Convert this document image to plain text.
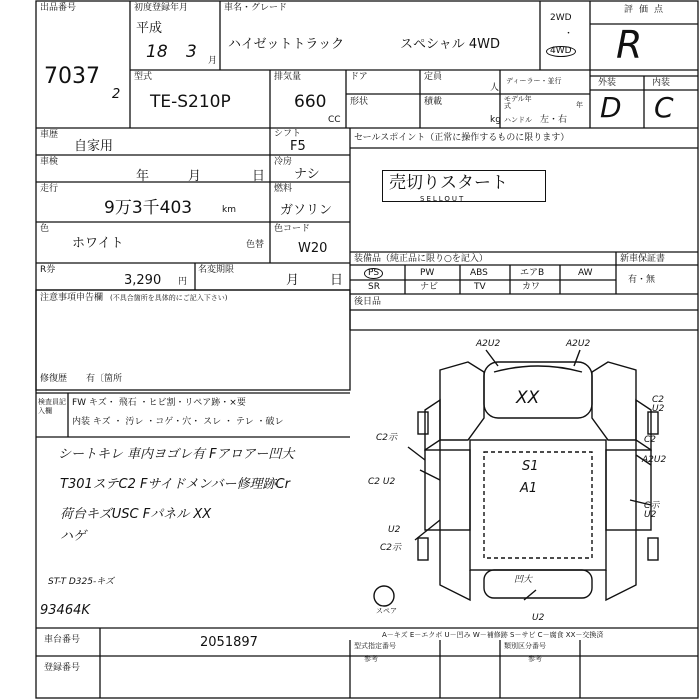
出品番号
7037
2
初度登録年月
平成
18 3 月
車名・グレード
ハイゼットトラック	スペシャル 4WD
2WD
・
4WD
評価点
R
外装	内装
D C
型式
TE-S210P
排気量
660
CC
ドア	定員
人
形状	積載
kg
ディーラー・並行
モデル年式	年
ハンドル 左・右
車歴
自家用
シフト
F5
車検
年	月	日
冷房
ナシ
走行
9万3千403	km
燃料
ガソリン
色
ホワイト	色替
色コード
W20
R券
3,290 円
名変期限
月 日
注意事項申告欄 (不具合箇所を具体的にご記入下さい)
修復歴 有〔箇所
検査員記入欄
FW キズ・ 飛石 ・ヒビ割・リペア跡・×要
内装 キズ ・ 汚レ ・コゲ・穴・ スレ ・ テレ ・破レ
シートキレ 車内ヨゴレ有 Fアロアー凹大
T301ステC2 Fサイドメンバー修理跡Cr
荷台キズUSC Fパネル XX
ハゲ
ST-T D325-キズ
93464K
車台番号	2051897
登録番号
セールスポイント（正常に操作するものに限ります）
売切りスタート
SELLOUT
装備品（純正品に限り○を記入）	新車保証書
有・無
PS	PW	ABS	エアB	AW
SR	ナビ	TV	カワ
後日品
A2U2	A2U2
XX	C2 U2
C2示	C2
A2U2
S1
A1
C2 U2
C示 U2
U2
C2示
凹大
U2
スペア
A－キズ E－エクボ U－凹み W－補修跡 S－サビ C－腐食 XX－交換済
型式指定番号
参考
類別区分番号
参考
